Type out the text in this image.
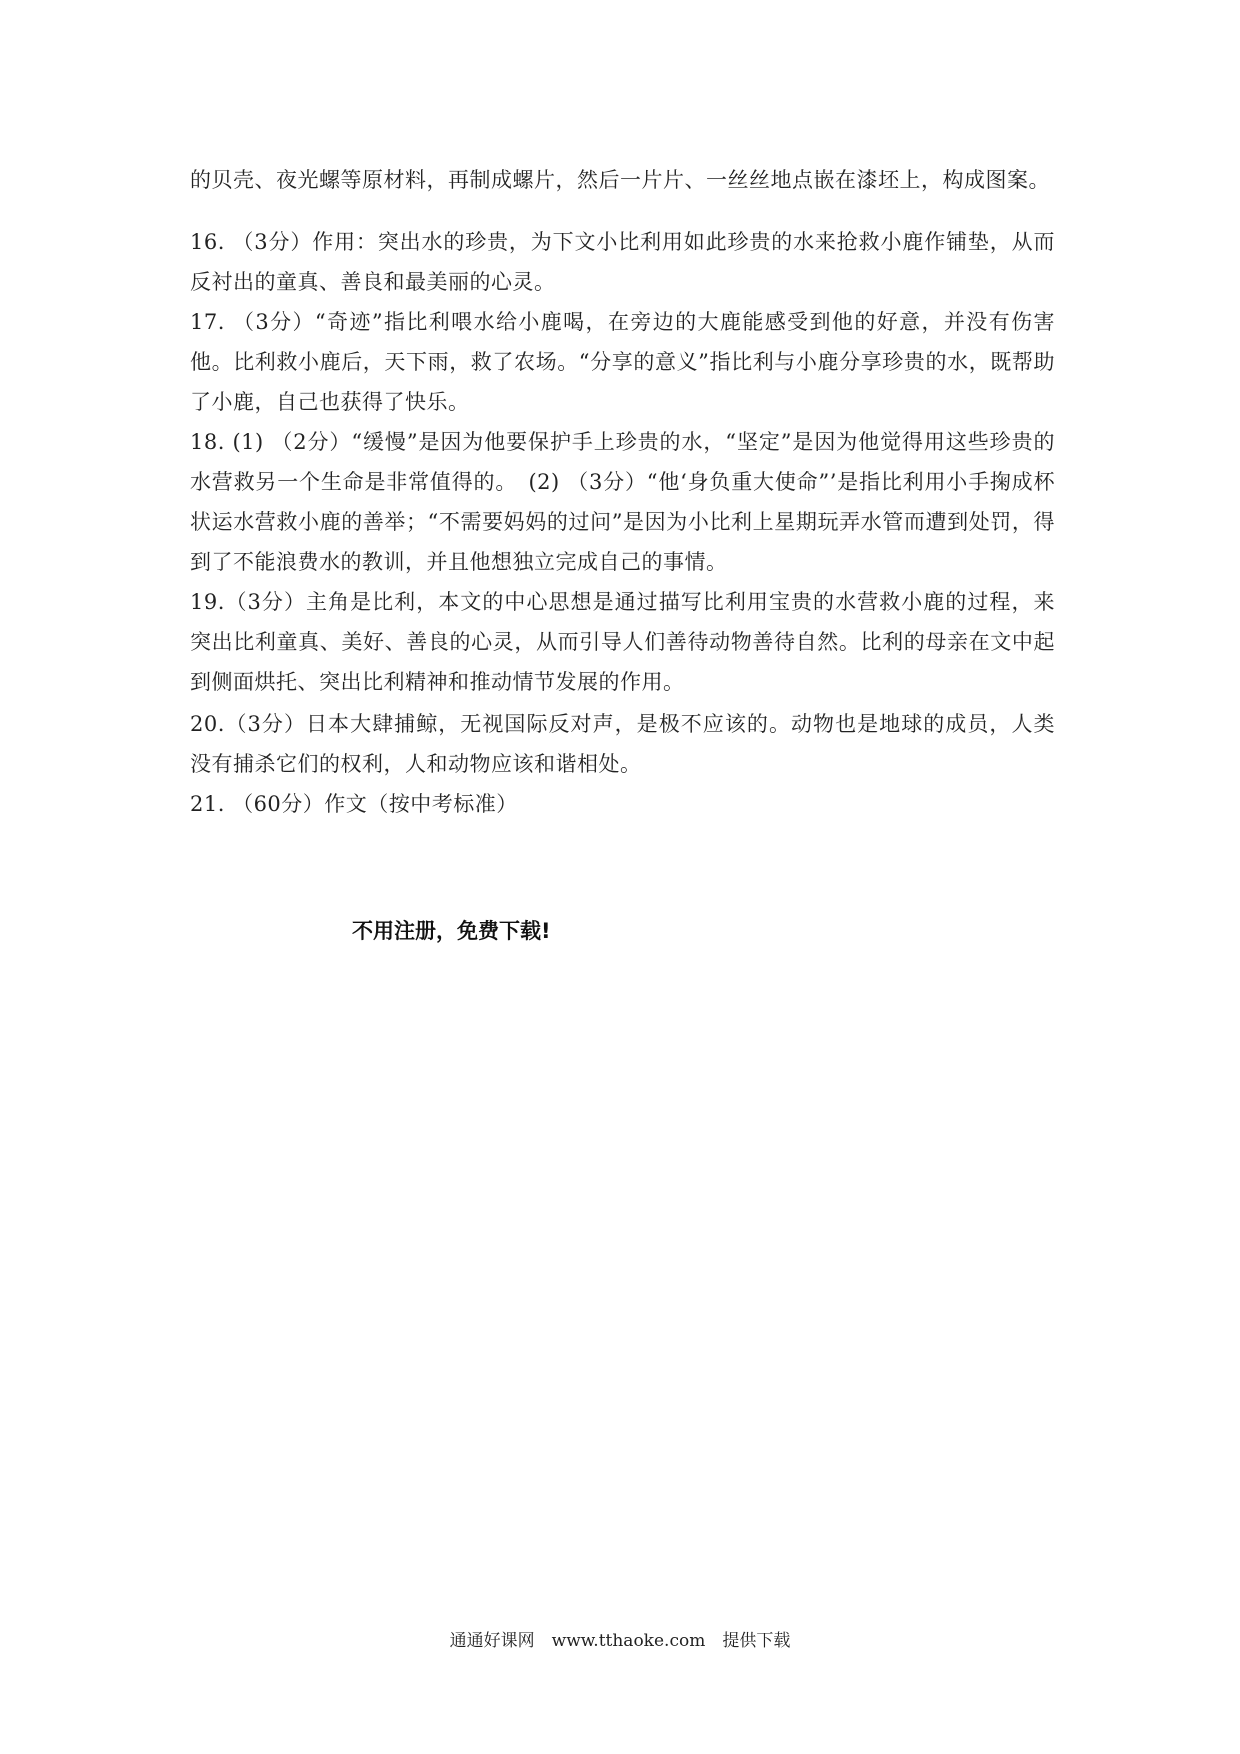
的贝壳、夜光螺等原材料，再制成螺片，然后一片片、一丝丝地点嵌在漆坯上，构成图案。

16. （3分）作用：突出水的珍贵，为下文小比利用如此珍贵的水来抢救小鹿作铺垫，从而反衬出的童真、善良和最美丽的心灵。

17. （3分）“奇迹”指比利喂水给小鹿喝，在旁边的大鹿能感受到他的好意，并没有伤害他。比利救小鹿后，天下雨，救了农场。“分享的意义”指比利与小鹿分享珍贵的水，既帮助了小鹿，自己也获得了快乐。

18. (1) （2分）“缓慢”是因为他要保护手上珍贵的水，“坚定”是因为他觉得用这些珍贵的水营救另一个生命是非常值得的。　(2) （3分）“他‘身负重大使命”’是指比利用小手掬成杯状运水营救小鹿的善举；“不需要妈妈的过问”是因为小比利上星期玩弄水管而遭到处罚，得到了不能浪费水的教训，并且他想独立完成自己的事情。

19.（3分）主角是比利，本文的中心思想是通过描写比利用宝贵的水营救小鹿的过程，来突出比利童真、美好、善良的心灵，从而引导人们善待动物善待自然。比利的母亲在文中起到侧面烘托、突出比利精神和推动情节发展的作用。

20.（3分）日本大肆捕鲸，无视国际反对声，是极不应该的。动物也是地球的成员，人类没有捕杀它们的权利，人和动物应该和谐相处。

21. （60分）作文（按中考标准）

不用注册，免费下载!
通通好课网　www.tthaoke.com　提供下载
